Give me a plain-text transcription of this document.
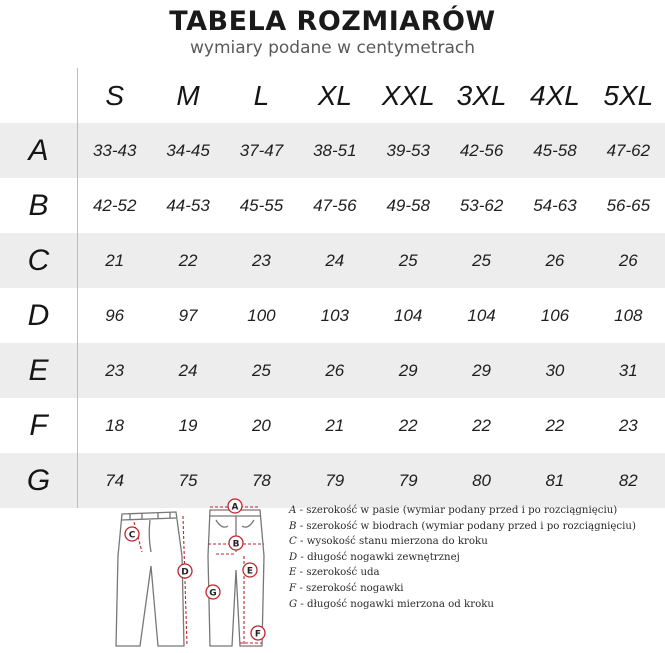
TABELA ROZMIARÓW
wymiary podane w centymetrach
S	M	L	XL	XXL 3XL 4XL 5XL
A	33-43	34-45	37-47	38-51	39-53	42-56	45-58	47-62
B	42-52	44-53	45-55	47-56	49-58	53-62	54-63	56-65
C	21	22	23	24	25	25	26	26
D	96	97	100	103	104	104	106	108
E	23	24	25	26	29	29	30	31
F	18	19	20	21	22	22	22	23
G	74	75	78	79	79	80	81	82
A
B
C
D	E
F
G
A - szerokość w pasie (wymiar podany przed i po rozciągnięciu)
B - szerokość w biodrach (wymiar podany przed i po rozciągnięciu)
C - wysokość stanu mierzona do kroku
D - długość nogawki zewnętrznej
E - szerokość uda
F - szerokość nogawki
G - długość nogawki mierzona od kroku
